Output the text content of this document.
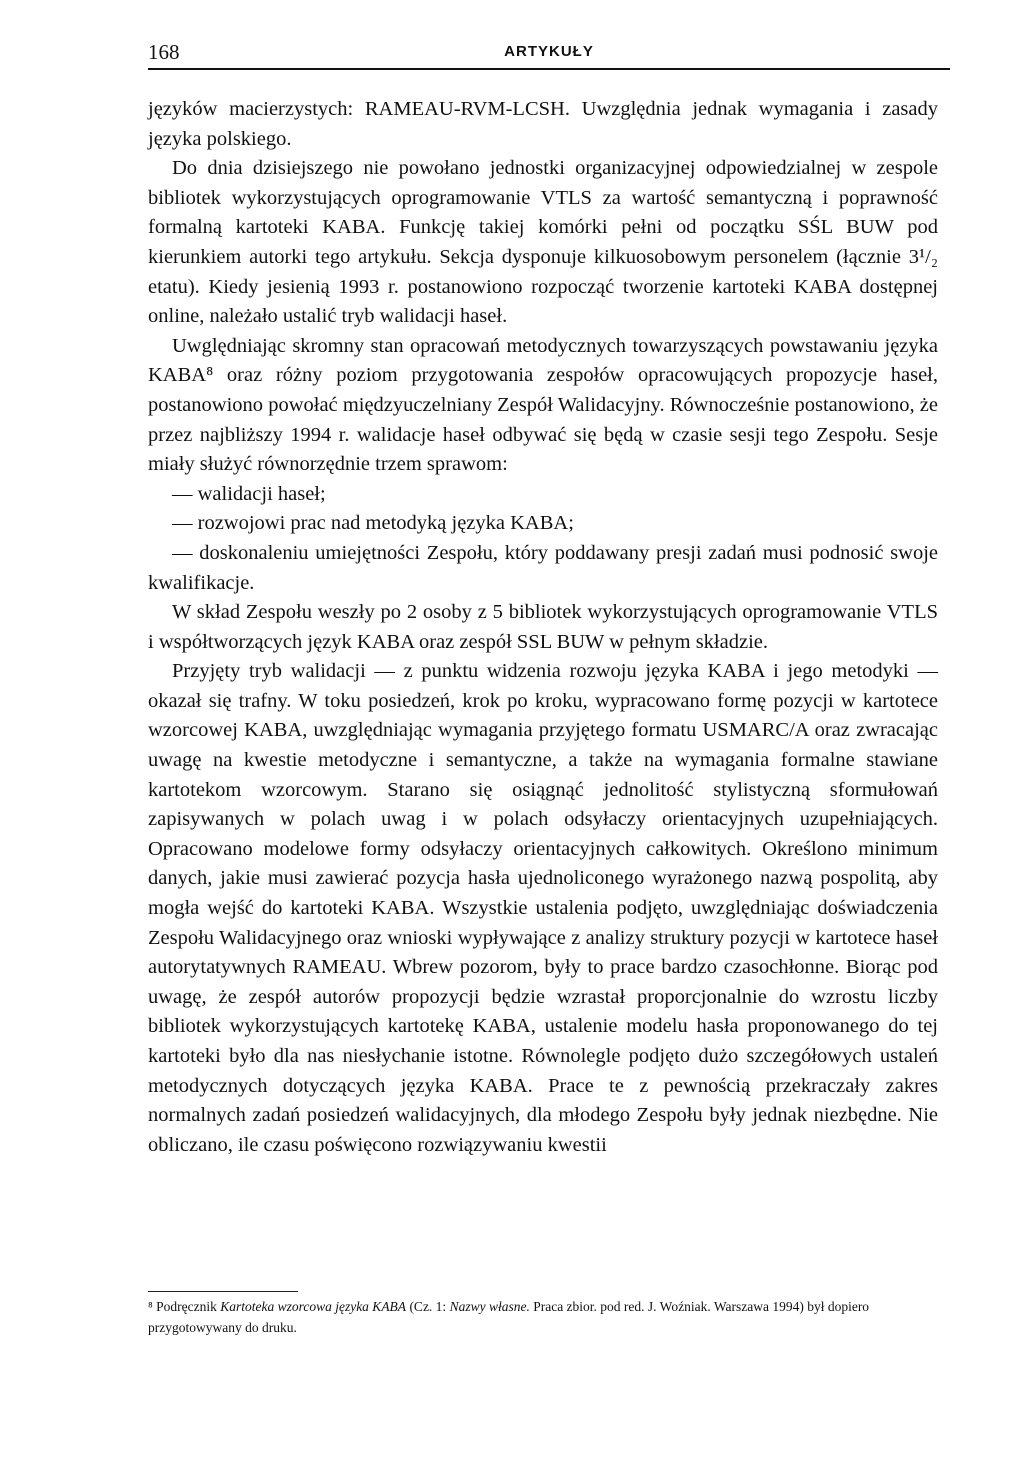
168	ARTYKUŁY

języków macierzystych: RAMEAU-RVM-LCSH. Uwzględnia jednak wymagania i zasady języka polskiego.

Do dnia dzisiejszego nie powołano jednostki organizacyjnej odpowiedzialnej w zespole bibliotek wykorzystujących oprogramowanie VTLS za wartość semantyczną i poprawność formalną kartoteki KABA. Funkcję takiej komórki pełni od początku SŚL BUW pod kierunkiem autorki tego artykułu. Sekcja dysponuje kilkuosobowym personelem (łącznie 3¹/₂ etatu). Kiedy jesienią 1993 r. postanowiono rozpocząć tworzenie kartoteki KABA dostępnej online, należało ustalić tryb walidacji haseł.

Uwględniając skromny stan opracowań metodycznych towarzyszących powstawaniu języka KABA⁸ oraz różny poziom przygotowania zespołów opracowujących propozycje haseł, postanowiono powołać międzyuczelniany Zespół Walidacyjny. Równocześnie postanowiono, że przez najbliższy 1994 r. walidacje haseł odbywać się będą w czasie sesji tego Zespołu. Sesje miały służyć równorzędnie trzem sprawom:

— walidacji haseł;

— rozwojowi prac nad metodyką języka KABA;

— doskonaleniu umiejętności Zespołu, który poddawany presji zadań musi podnosić swoje kwalifikacje.

W skład Zespołu weszły po 2 osoby z 5 bibliotek wykorzystujących oprogramowanie VTLS i współtworzących język KABA oraz zespół SSL BUW w pełnym składzie.

Przyjęty tryb walidacji — z punktu widzenia rozwoju języka KABA i jego metodyki — okazał się trafny. W toku posiedzeń, krok po kroku, wypracowano formę pozycji w kartotece wzorcowej KABA, uwzględniając wymagania przyjętego formatu USMARC/A oraz zwracając uwagę na kwestie metodyczne i semantyczne, a także na wymagania formalne stawiane kartotekom wzorcowym. Starano się osiągnąć jednolitość stylistyczną sformułowań zapisywanych w polach uwag i w polach odsyłaczy orientacyjnych uzupełniających. Opracowano modelowe formy odsyłaczy orientacyjnych całkowitych. Określono minimum danych, jakie musi zawierać pozycja hasła ujednoliconego wyrażonego nazwą pospolitą, aby mogła wejść do kartoteki KABA. Wszystkie ustalenia podjęto, uwzględniając doświadczenia Zespołu Walidacyjnego oraz wnioski wypływające z analizy struktury pozycji w kartotece haseł autorytatywnych RAMEAU. Wbrew pozorom, były to prace bardzo czasochłonne. Biorąc pod uwagę, że zespół autorów propozycji będzie wzrastał proporcjonalnie do wzrostu liczby bibliotek wykorzystujących kartotekę KABA, ustalenie modelu hasła proponowanego do tej kartoteki było dla nas niesłychanie istotne. Równolegle podjęto dużo szczegółowych ustaleń metodycznych dotyczących języka KABA. Prace te z pewnością przekraczały zakres normalnych zadań posiedzeń walidacyjnych, dla młodego Zespołu były jednak niezbędne. Nie obliczano, ile czasu poświęcono rozwiązywaniu kwestii

⁸ Podręcznik Kartoteka wzorcowa języka KABA (Cz. 1: Nazwy własne. Praca zbior. pod red. J. Woźniak. Warszawa 1994) był dopiero przygotowywany do druku.
